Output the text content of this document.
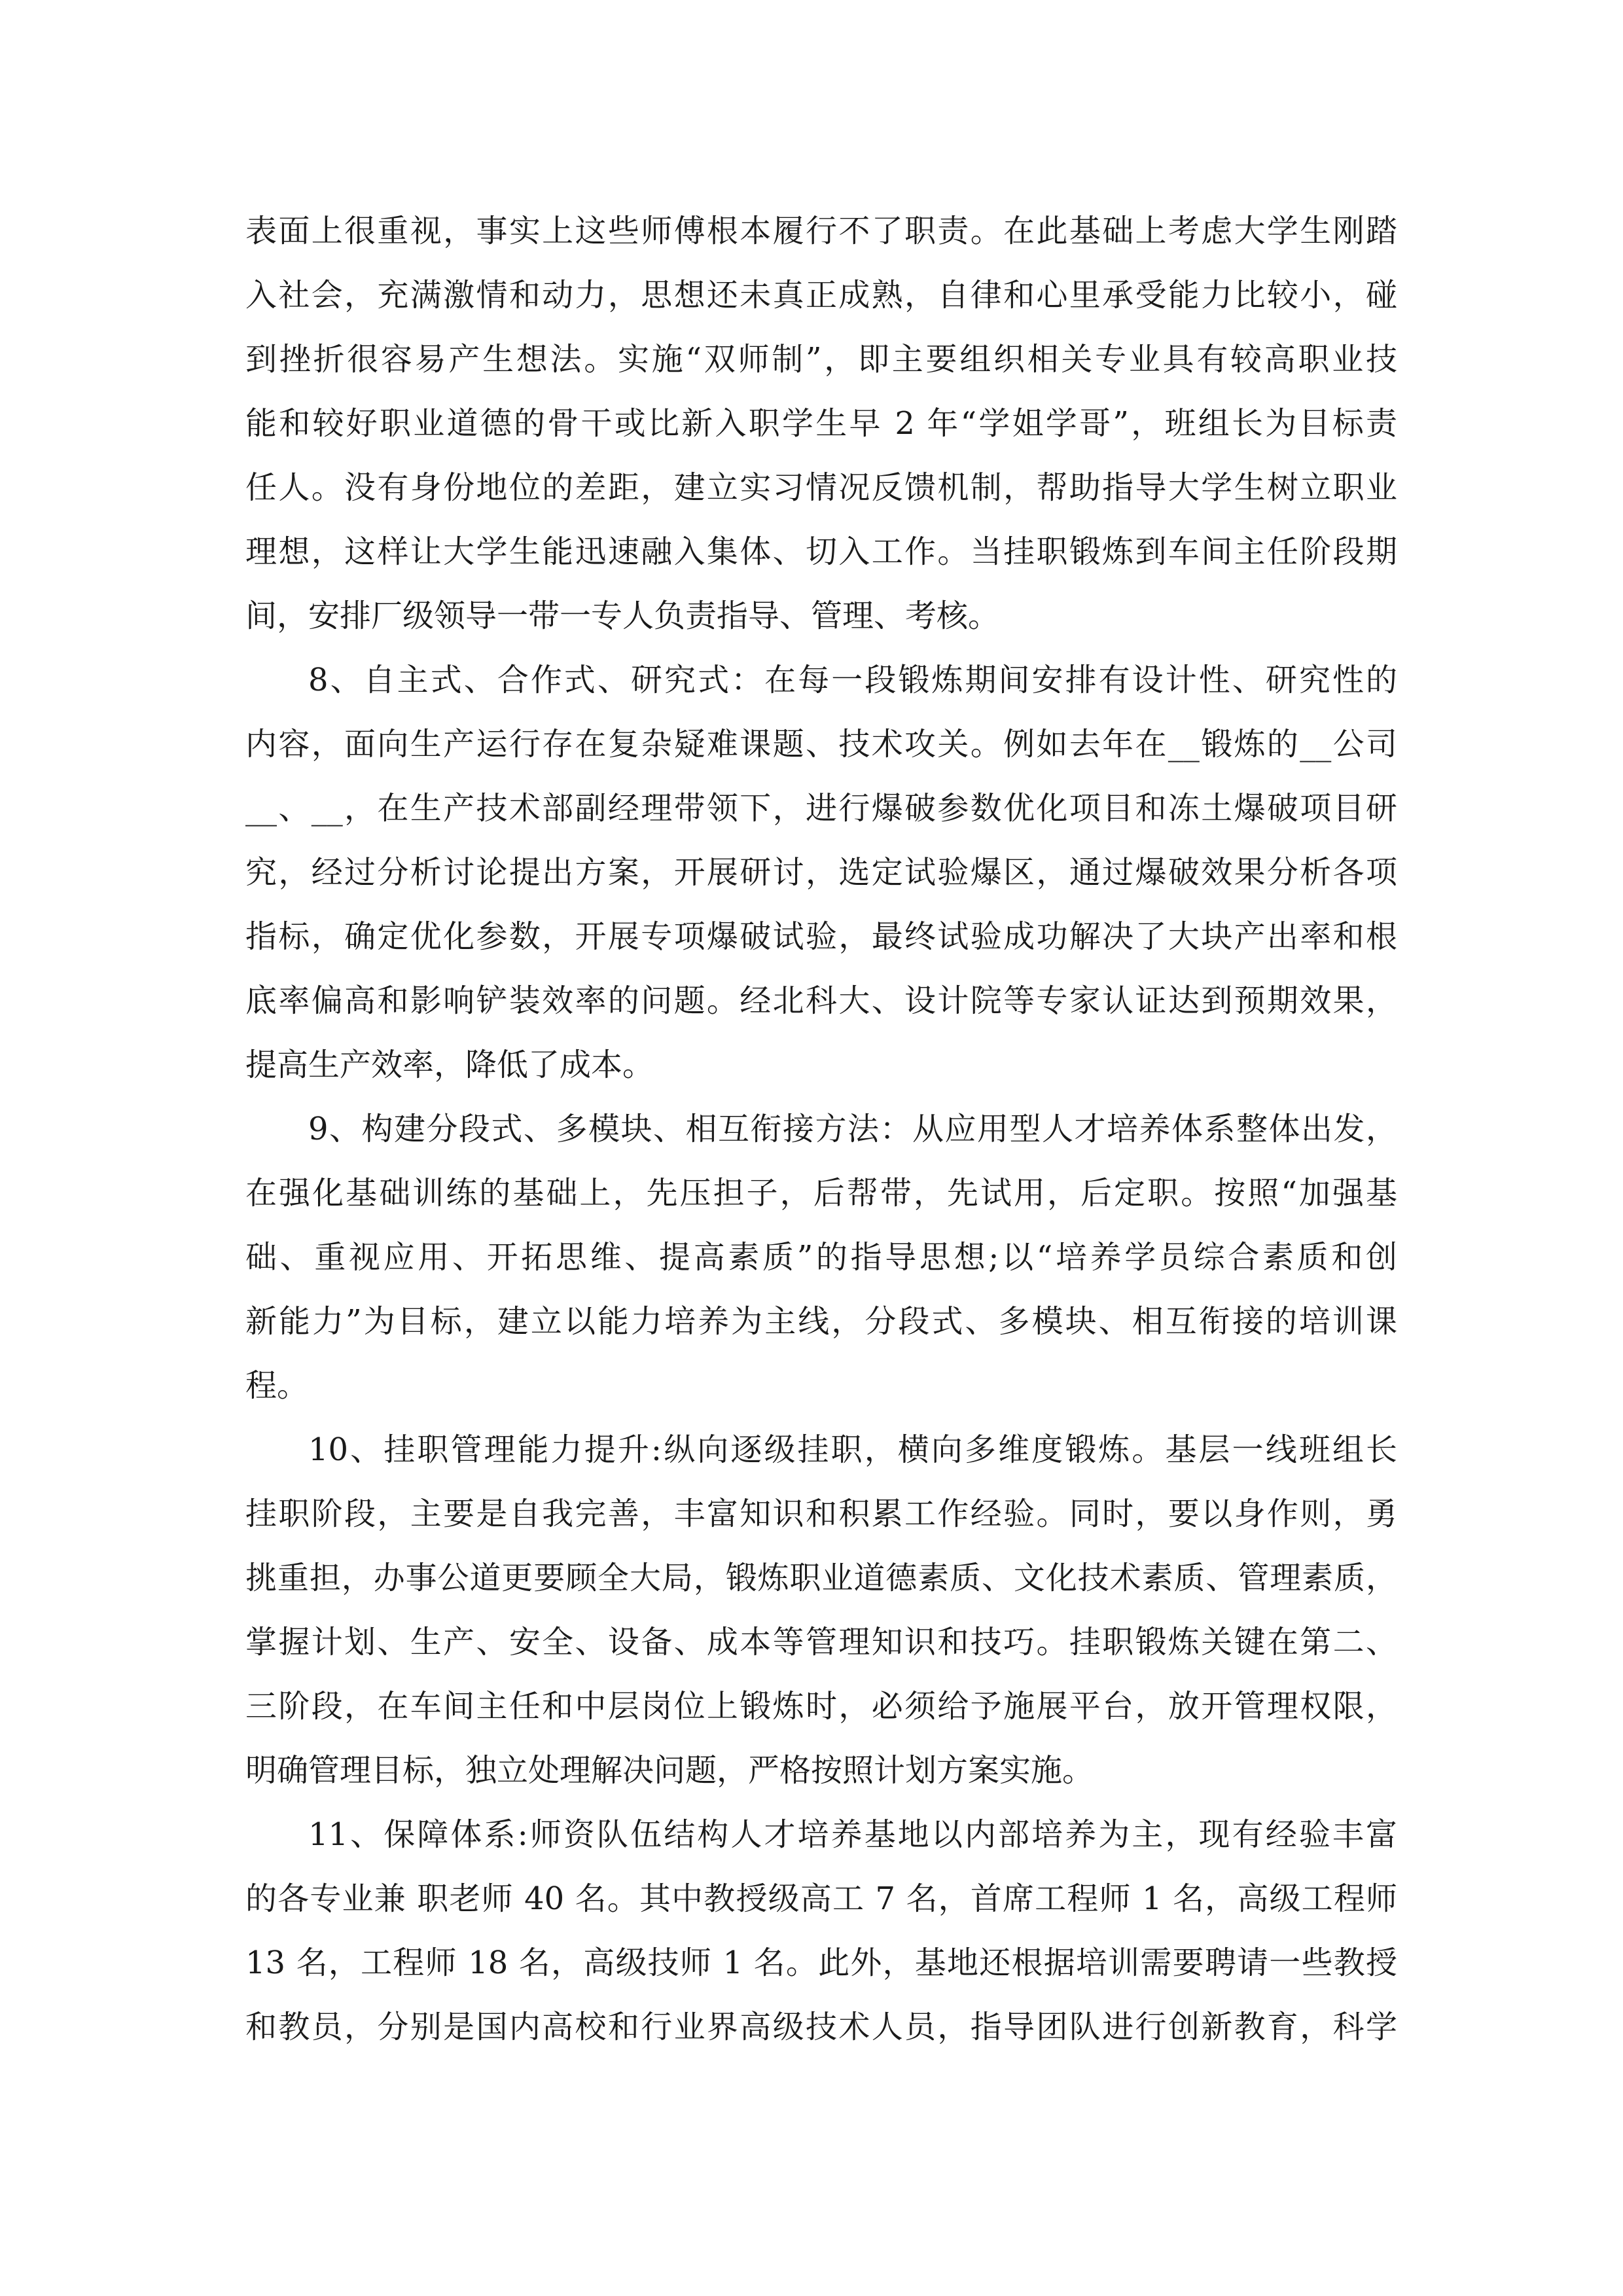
表面上很重视，事实上这些师傅根本履行不了职责。在此基础上考虑大学生刚踏
入社会，充满激情和动力，思想还未真正成熟，自律和心里承受能力比较小，碰
到挫折很容易产生想法。实施“双师制”，即主要组织相关专业具有较高职业技
能和较好职业道德的骨干或比新入职学生早 2 年“学姐学哥”，班组长为目标责
任人。没有身份地位的差距，建立实习情况反馈机制，帮助指导大学生树立职业
理想，这样让大学生能迅速融入集体、切入工作。当挂职锻炼到车间主任阶段期
间，安排厂级领导一带一专人负责指导、管理、考核。
8、自主式、合作式、研究式：在每一段锻炼期间安排有设计性、研究性的
内容，面向生产运行存在复杂疑难课题、技术攻关。例如去年在__锻炼的__公司
__、__，在生产技术部副经理带领下，进行爆破参数优化项目和冻土爆破项目研
究，经过分析讨论提出方案，开展研讨，选定试验爆区，通过爆破效果分析各项
指标，确定优化参数，开展专项爆破试验，最终试验成功解决了大块产出率和根
底率偏高和影响铲装效率的问题。经北科大、设计院等专家认证达到预期效果，
提高生产效率，降低了成本。
9、构建分段式、多模块、相互衔接方法：从应用型人才培养体系整体出发，
在强化基础训练的基础上，先压担子，后帮带，先试用，后定职。按照“加强基
础、重视应用、开拓思维、提高素质”的指导思想;以“培养学员综合素质和创
新能力”为目标，建立以能力培养为主线，分段式、多模块、相互衔接的培训课
程。
10、挂职管理能力提升:纵向逐级挂职，横向多维度锻炼。基层一线班组长
挂职阶段，主要是自我完善，丰富知识和积累工作经验。同时，要以身作则，勇
挑重担，办事公道更要顾全大局，锻炼职业道德素质、文化技术素质、管理素质，
掌握计划、生产、安全、设备、成本等管理知识和技巧。挂职锻炼关键在第二、
三阶段，在车间主任和中层岗位上锻炼时，必须给予施展平台，放开管理权限，
明确管理目标，独立处理解决问题，严格按照计划方案实施。
11、保障体系:师资队伍结构人才培养基地以内部培养为主，现有经验丰富
的各专业兼 职老师 40 名。其中教授级高工 7 名，首席工程师 1 名，高级工程师
13 名，工程师 18 名，高级技师 1 名。此外，基地还根据培训需要聘请一些教授
和教员，分别是国内高校和行业界高级技术人员，指导团队进行创新教育，科学
